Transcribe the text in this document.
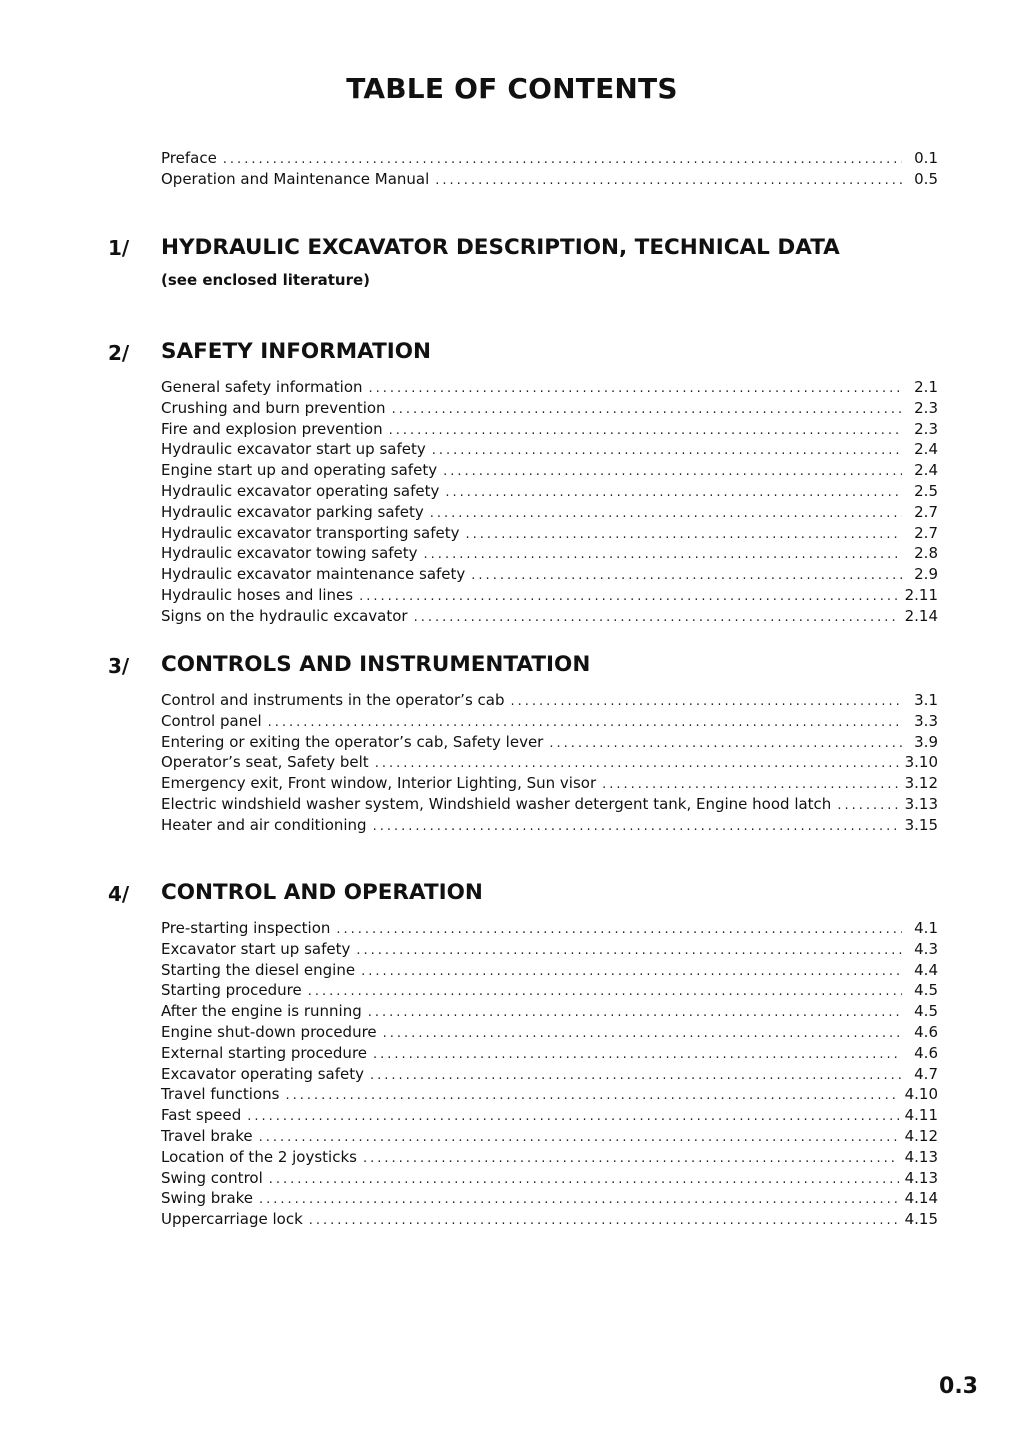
TABLE OF CONTENTS
Preface .....	0.1
Operation and Maintenance Manual .....	0.5
1/ HYDRAULIC EXCAVATOR DESCRIPTION, TECHNICAL DATA
(see enclosed literature)
2/ SAFETY INFORMATION
General safety information .....	2.1
Crushing and burn prevention .....	2.3
Fire and explosion prevention .....	2.3
Hydraulic excavator start up safety .....	2.4
Engine start up and operating safety .....	2.4
Hydraulic excavator operating safety .....	2.5
Hydraulic excavator parking safety .....	2.7
Hydraulic excavator transporting safety .....	2.7
Hydraulic excavator towing safety .....	2.8
Hydraulic excavator maintenance safety .....	2.9
Hydraulic hoses and lines .....	2.11
Signs on the hydraulic excavator .....	2.14
3/ CONTROLS AND INSTRUMENTATION
Control and instruments in the operator’s cab .....	3.1
Control panel .....	3.3
Entering or exiting the operator’s cab, Safety lever .....	3.9
Operator’s seat, Safety belt .....	3.10
Emergency exit, Front window, Interior Lighting, Sun visor .....	3.12
Electric windshield washer system, Windshield washer detergent tank, Engine hood latch .....	3.13
Heater and air conditioning .....	3.15
4/ CONTROL AND OPERATION
Pre-starting inspection .....	4.1
Excavator start up safety .....	4.3
Starting the diesel engine .....	4.4
Starting procedure .....	4.5
After the engine is running .....	4.5
Engine shut-down procedure .....	4.6
External starting procedure .....	4.6
Excavator operating safety .....	4.7
Travel functions .....	4.10
Fast speed .....	4.11
Travel brake .....	4.12
Location of the 2 joysticks .....	4.13
Swing control .....	4.13
Swing brake .....	4.14
Uppercarriage lock .....	4.15
0.3
